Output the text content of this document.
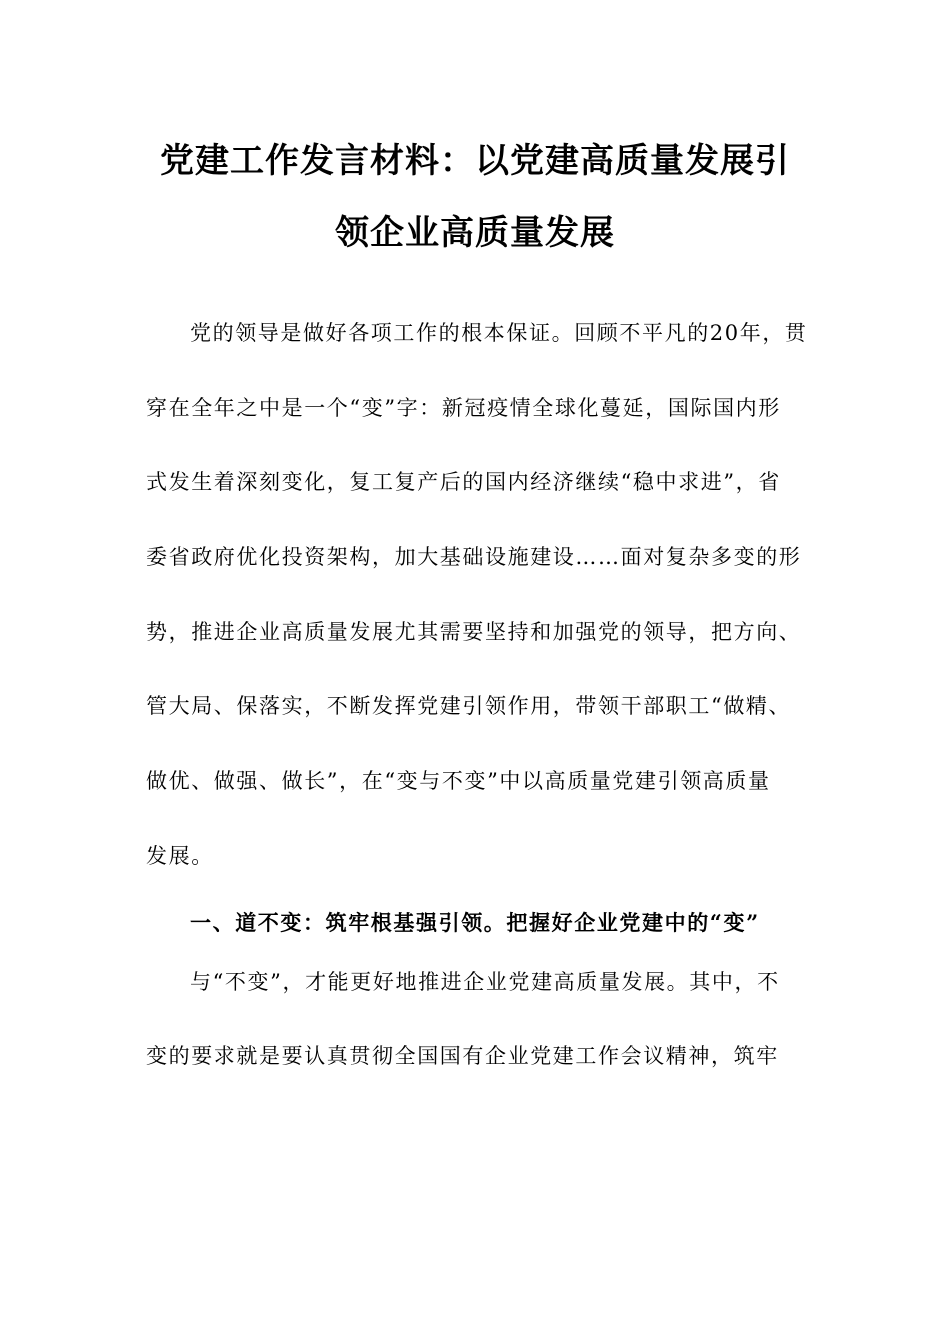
党建工作发言材料：以党建高质量发展引
领企业高质量发展
党的领导是做好各项工作的根本保证。回顾不平凡的20年，贯
穿在全年之中是一个“变”字：新冠疫情全球化蔓延，国际国内形
式发生着深刻变化，复工复产后的国内经济继续“稳中求进”，省
委省政府优化投资架构，加大基础设施建设……面对复杂多变的形
势，推进企业高质量发展尤其需要坚持和加强党的领导，把方向、
管大局、保落实，不断发挥党建引领作用，带领干部职工“做精、
做优、做强、做长”，在“变与不变”中以高质量党建引领高质量
发展。
一、道不变：筑牢根基强引领。把握好企业党建中的“变”
与“不变”，才能更好地推进企业党建高质量发展。其中，不
变的要求就是要认真贯彻全国国有企业党建工作会议精神，筑牢
